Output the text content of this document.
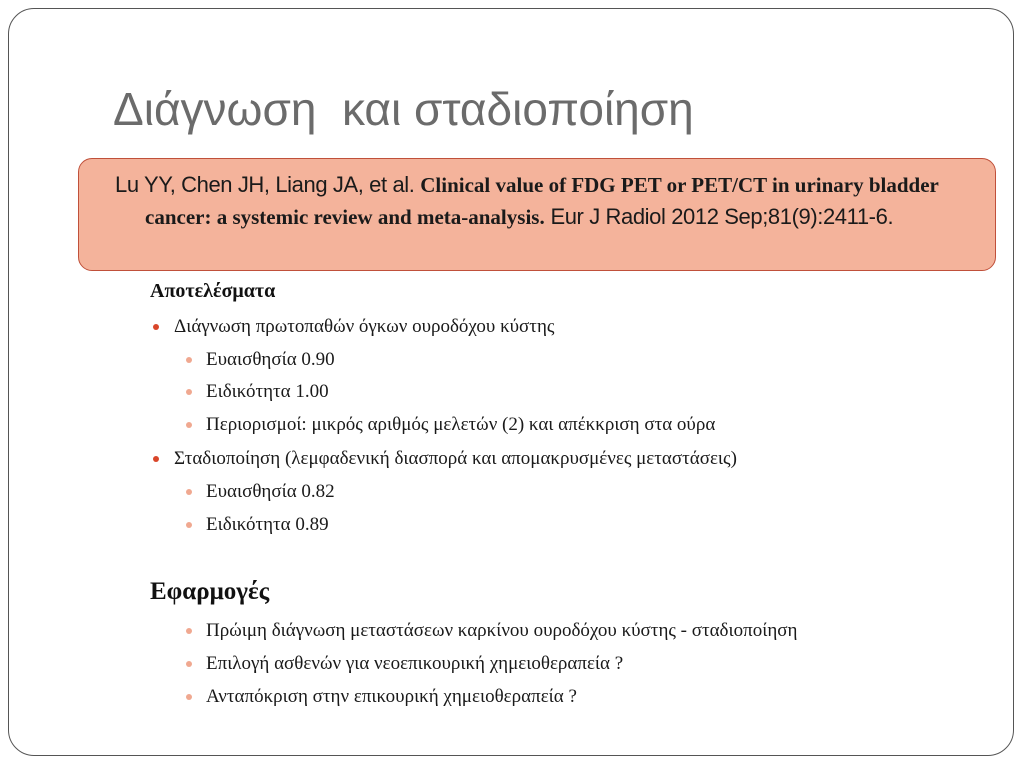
Διάγνωση  και σταδιοποίηση
Lu YY, Chen JH, Liang JA, et al. Clinical value of FDG PET or PET/CT in urinary bladder cancer: a systemic review and meta-analysis. Eur J Radiol 2012 Sep;81(9):2411-6.
Αποτελέσματα
Διάγνωση πρωτοπαθών όγκων ουροδόχου κύστης
Ευαισθησία 0.90
Ειδικότητα 1.00
Περιορισμοί: μικρός αριθμός μελετών (2) και απέκκριση στα ούρα
Σταδιοποίηση (λεμφαδενική διασπορά και απομακρυσμένες μεταστάσεις)
Ευαισθησία 0.82
Ειδικότητα 0.89
Εφαρμογές
Πρώιμη διάγνωση μεταστάσεων καρκίνου ουροδόχου κύστης - σταδιοποίηση
Επιλογή ασθενών για νεοεπικουρική χημειοθεραπεία ?
Ανταπόκριση στην επικουρική χημειοθεραπεία ?
